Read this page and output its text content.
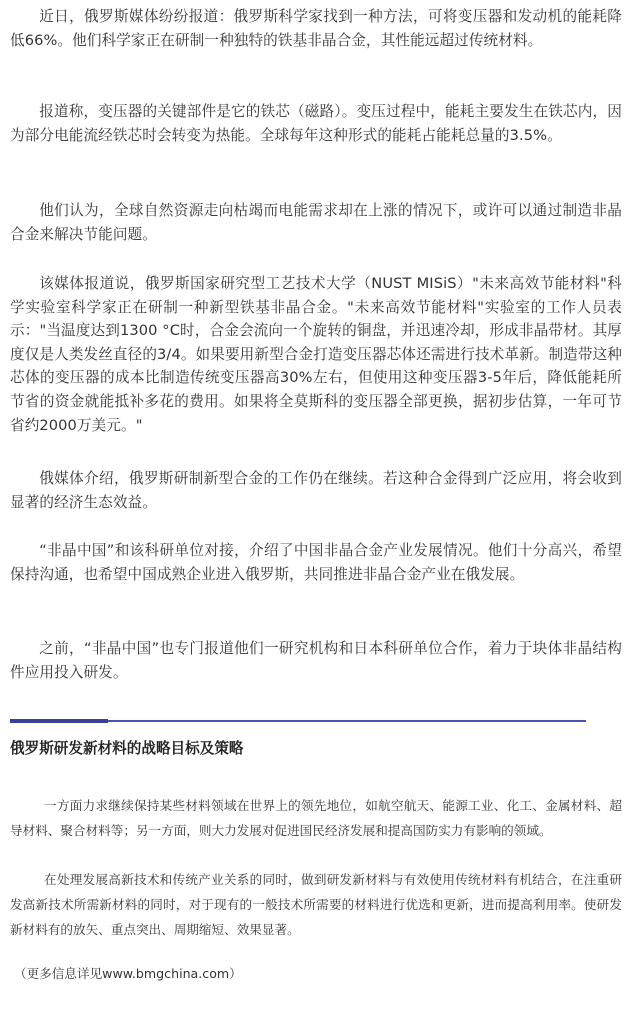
近日，俄罗斯媒体纷纷报道：俄罗斯科学家找到一种方法，可将变压器和发动机的能耗降低66%。他们科学家正在研制一种独特的铁基非晶合金，其性能远超过传统材料。

报道称，变压器的关键部件是它的铁芯（磁路）。变压过程中，能耗主要发生在铁芯内，因为部分电能流经铁芯时会转变为热能。全球每年这种形式的能耗占能耗总量的3.5%。

他们认为，全球自然资源走向枯竭而电能需求却在上涨的情况下，或许可以通过制造非晶合金来解决节能问题。

该媒体报道说，俄罗斯国家研究型工艺技术大学（NUST MISiS）"未来高效节能材料"科学实验室科学家正在研制一种新型铁基非晶合金。"未来高效节能材料"实验室的工作人员表示："当温度达到1300 °C时，合金会流向一个旋转的铜盘，并迅速冷却，形成非晶带材。其厚度仅是人类发丝直径的3/4。如果要用新型合金打造变压器芯体还需进行技术革新。制造带这种芯体的变压器的成本比制造传统变压器高30%左右，但使用这种变压器3-5年后，降低能耗所节省的资金就能抵补多花的费用。如果将全莫斯科的变压器全部更换，据初步估算，一年可节省约2000万美元。"

俄媒体介绍，俄罗斯研制新型合金的工作仍在继续。若这种合金得到广泛应用，将会收到显著的经济生态效益。

“非晶中国”和该科研单位对接，介绍了中国非晶合金产业发展情况。他们十分高兴，希望保持沟通，也希望中国成熟企业进入俄罗斯，共同推进非晶合金产业在俄发展。

之前，“非晶中国”也专门报道他们一研究机构和日本科研单位合作，着力于块体非晶结构件应用投入研发。

俄罗斯研发新材料的战略目标及策略

一方面力求继续保持某些材料领域在世界上的领先地位，如航空航天、能源工业、化工、金属材料、超导材料、聚合材料等；另一方面，则大力发展对促进国民经济发展和提高国防实力有影响的领域。

在处理发展高新技术和传统产业关系的同时，做到研发新材料与有效使用传统材料有机结合，在注重研发高新技术所需新材料的同时，对于现有的一般技术所需要的材料进行优选和更新，进而提高利用率。使研发新材料有的放矢、重点突出、周期缩短、效果显著。

（更多信息详见www.bmgchina.com）
